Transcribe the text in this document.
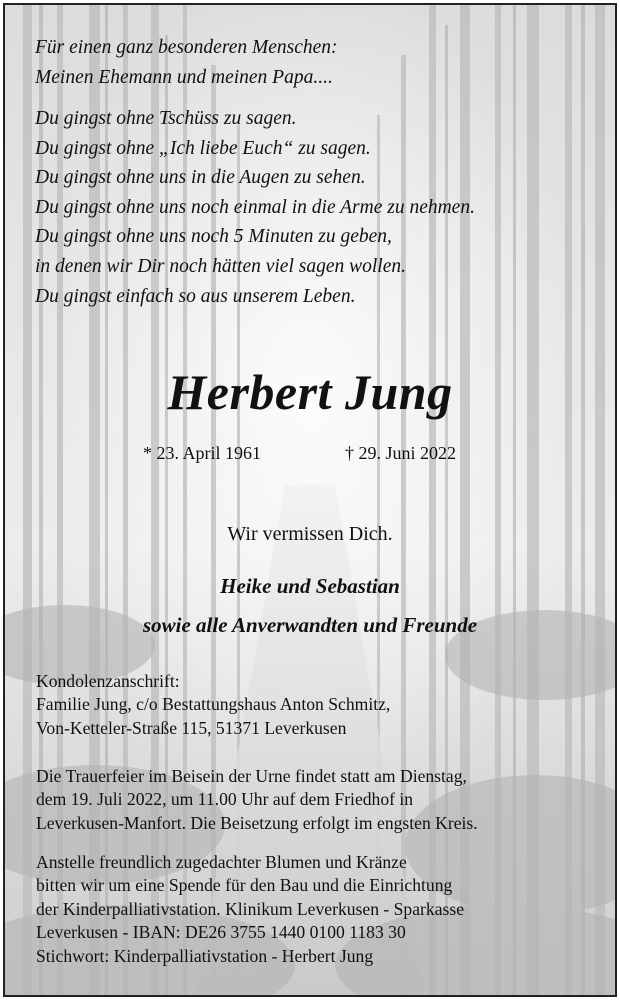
Für einen ganz besonderen Menschen:
Meinen Ehemann und meinen Papa....
Du gingst ohne Tschüss zu sagen.
Du gingst ohne „Ich liebe Euch“ zu sagen.
Du gingst ohne uns in die Augen zu sehen.
Du gingst ohne uns noch einmal in die Arme zu nehmen.
Du gingst ohne uns noch 5 Minuten zu geben,
in denen wir Dir noch hätten viel sagen wollen.
Du gingst einfach so aus unserem Leben.
Herbert Jung
* 23. April 1961	† 29. Juni 2022
Wir vermissen Dich.
Heike und Sebastian
sowie alle Anverwandten und Freunde
Kondolenzanschrift:
Familie Jung, c/o Bestattungshaus Anton Schmitz,
Von-Ketteler-Straße 115, 51371 Leverkusen
Die Trauerfeier im Beisein der Urne findet statt am Dienstag,
dem 19. Juli 2022, um 11.00 Uhr auf dem Friedhof in
Leverkusen-Manfort. Die Beisetzung erfolgt im engsten Kreis.
Anstelle freundlich zugedachter Blumen und Kränze
bitten wir um eine Spende für den Bau und die Einrichtung
der Kinderpalliativstation. Klinikum Leverkusen - Sparkasse
Leverkusen - IBAN: DE26 3755 1440 0100 1183 30
Stichwort: Kinderpalliativstation - Herbert Jung
